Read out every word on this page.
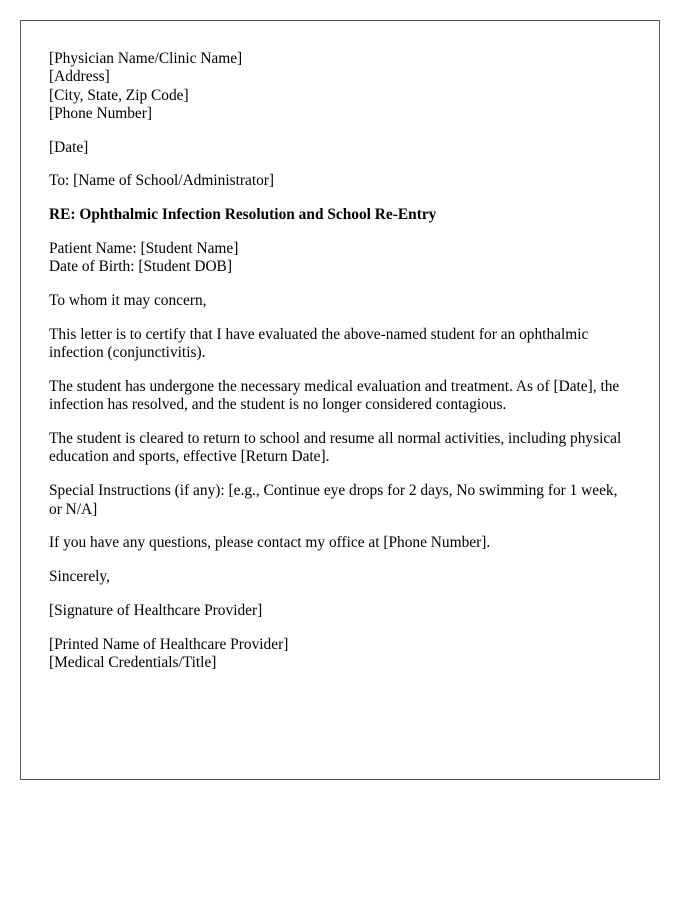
[Physician Name/Clinic Name]
[Address]
[City, State, Zip Code]
[Phone Number]
[Date]
To: [Name of School/Administrator]
RE: Ophthalmic Infection Resolution and School Re-Entry
Patient Name: [Student Name]
Date of Birth: [Student DOB]
To whom it may concern,
This letter is to certify that I have evaluated the above-named student for an ophthalmic infection (conjunctivitis).
The student has undergone the necessary medical evaluation and treatment. As of [Date], the infection has resolved, and the student is no longer considered contagious.
The student is cleared to return to school and resume all normal activities, including physical education and sports, effective [Return Date].
Special Instructions (if any): [e.g., Continue eye drops for 2 days, No swimming for 1 week, or N/A]
If you have any questions, please contact my office at [Phone Number].
Sincerely,
[Signature of Healthcare Provider]
[Printed Name of Healthcare Provider]
[Medical Credentials/Title]
